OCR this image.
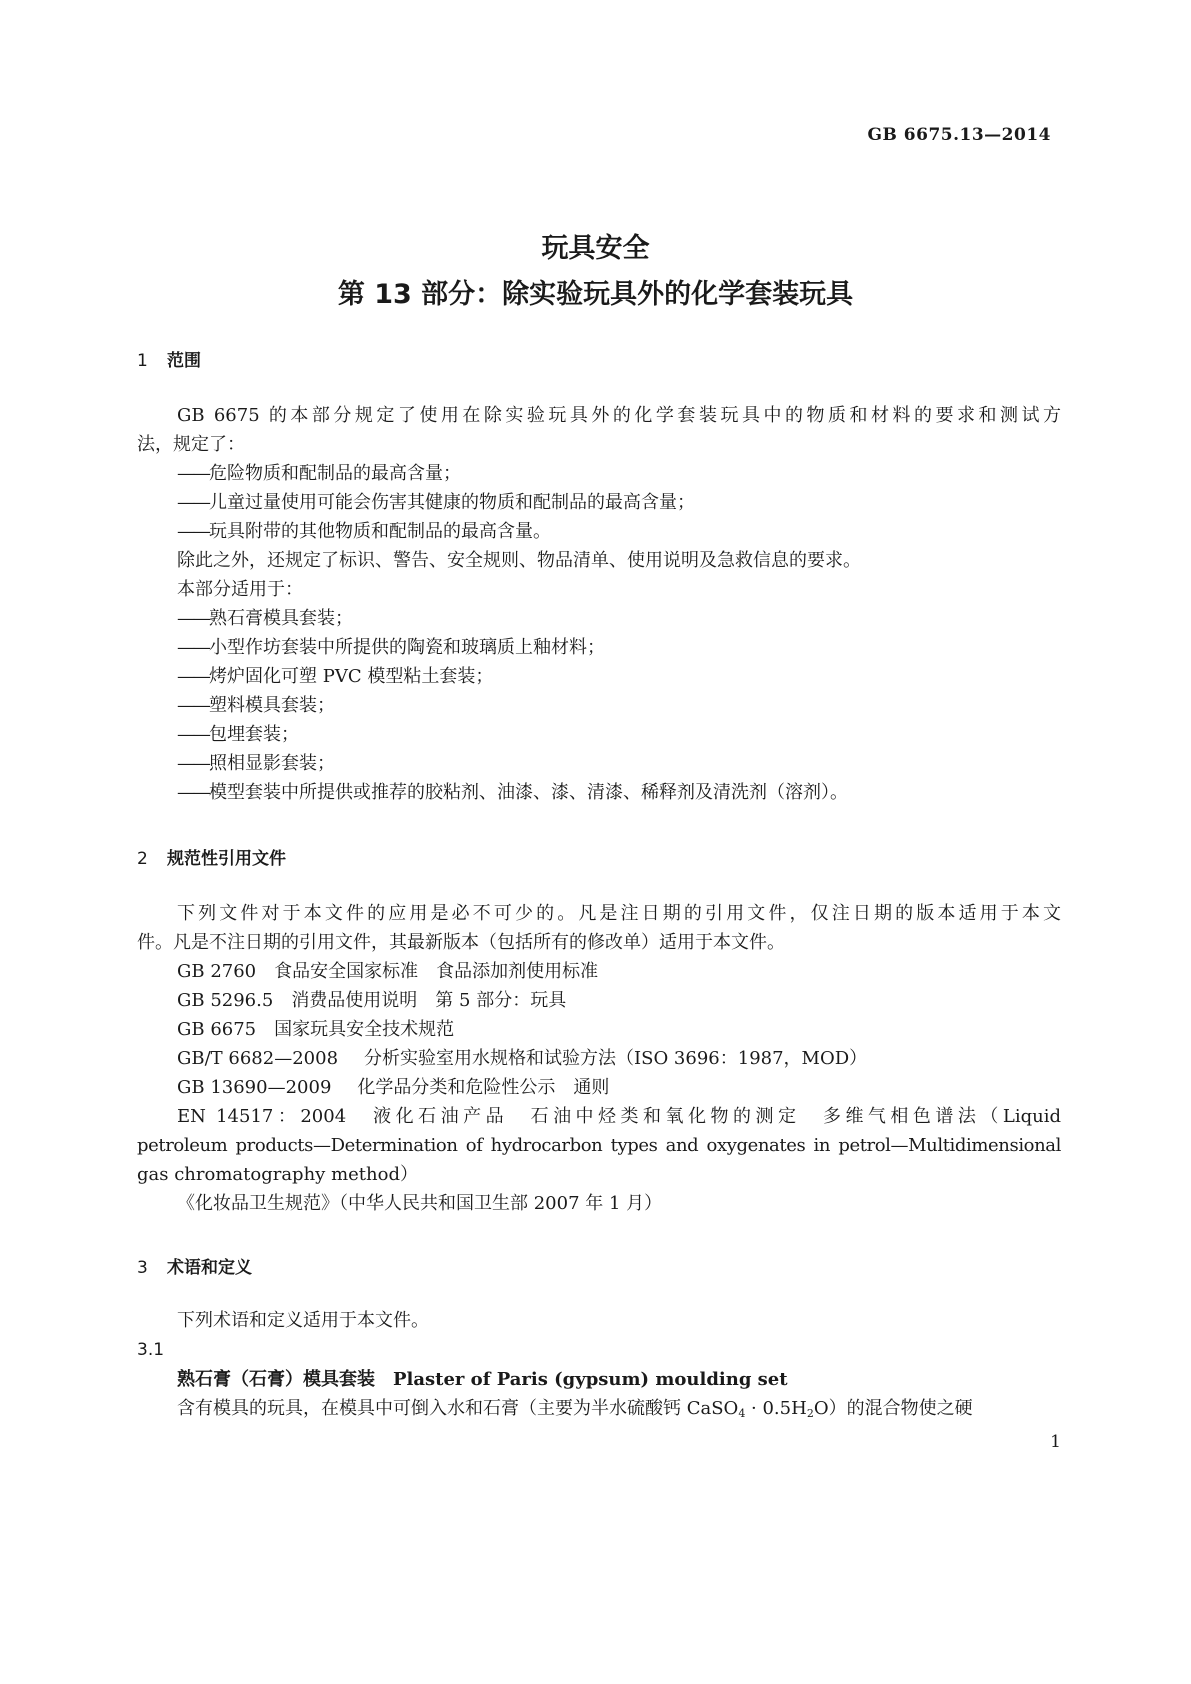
GB 6675.13—2014
玩具安全
第 13 部分：除实验玩具外的化学套装玩具
1 范围
GB 6675 的本部分规定了使用在除实验玩具外的化学套装玩具中的物质和材料的要求和测试方
法，规定了：
——危险物质和配制品的最高含量；
——儿童过量使用可能会伤害其健康的物质和配制品的最高含量；
——玩具附带的其他物质和配制品的最高含量。
除此之外，还规定了标识、警告、安全规则、物品清单、使用说明及急救信息的要求。
本部分适用于：
——熟石膏模具套装；
——小型作坊套装中所提供的陶瓷和玻璃质上釉材料；
——烤炉固化可塑 PVC 模型粘土套装；
——塑料模具套装；
——包埋套装；
——照相显影套装；
——模型套装中所提供或推荐的胶粘剂、油漆、漆、清漆、稀释剂及清洗剂（溶剂）。
2 规范性引用文件
下列文件对于本文件的应用是必不可少的。凡是注日期的引用文件，仅注日期的版本适用于本文
件。凡是不注日期的引用文件，其最新版本（包括所有的修改单）适用于本文件。
GB 2760 食品安全国家标准　食品添加剂使用标准
GB 5296.5 消费品使用说明　第 5 部分：玩具
GB 6675 国家玩具安全技术规范
GB/T 6682—2008 分析实验室用水规格和试验方法（ISO 3696：1987，MOD）
GB 13690—2009 化学品分类和危险性公示　通则
EN 14517：2004　液化石油产品　石油中烃类和氧化物的测定　多维气相色谱法（Liquid
petroleum products—Determination of hydrocarbon types and oxygenates in petrol—Multidimensional
gas chromatography method）
《化妆品卫生规范》（中华人民共和国卫生部 2007 年 1 月）
3 术语和定义
下列术语和定义适用于本文件。
3.1
熟石膏（石膏）模具套装 Plaster of Paris (gypsum) moulding set
含有模具的玩具，在模具中可倒入水和石膏（主要为半水硫酸钙 CaSO$_4$ · $0.5H_2O$）的混合物使之硬
1
